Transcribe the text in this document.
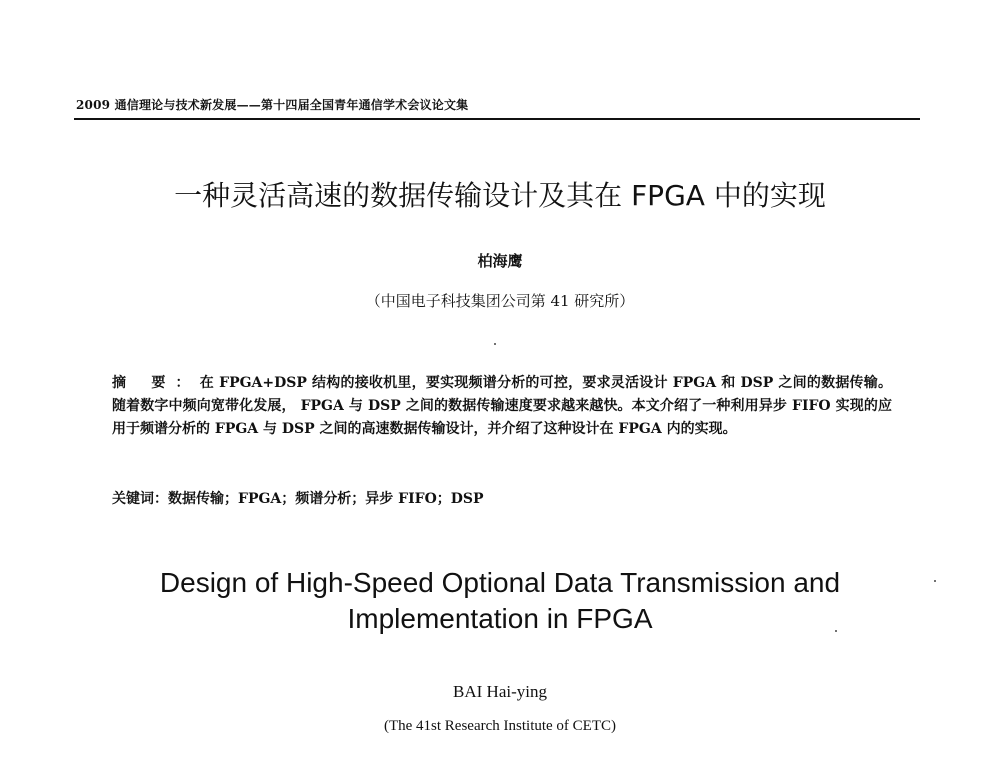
2009 通信理论与技术新发展——第十四届全国青年通信学术会议论文集
一种灵活高速的数据传输设计及其在 FPGA 中的实现
柏海鹰
（中国电子科技集团公司第 41 研究所）
摘 要：在 FPGA+DSP 结构的接收机里，要实现频谱分析的可控，要求灵活设计 FPGA 和 DSP 之间的数据传输。随着数字中频向宽带化发展， FPGA 与 DSP 之间的数据传输速度要求越来越快。本文介绍了一种利用异步 FIFO 实现的应用于频谱分析的 FPGA 与 DSP 之间的高速数据传输设计，并介绍了这种设计在 FPGA 内的实现。
关键词：数据传输；FPGA；频谱分析；异步 FIFO；DSP
Design of High-Speed Optional Data Transmission and
Implementation in FPGA
BAI Hai-ying
(The 41st Research Institute of CETC)
